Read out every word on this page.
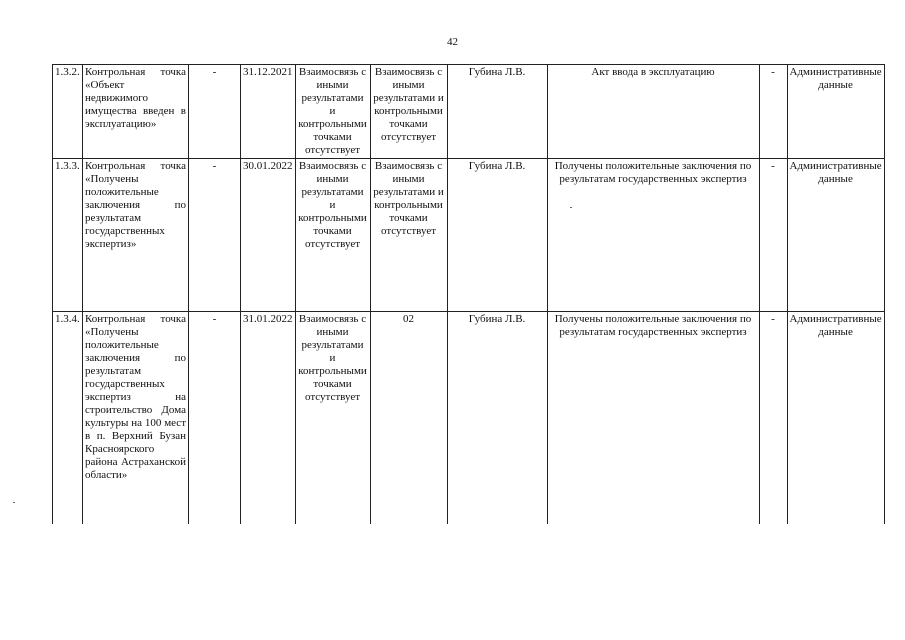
42
1.3.2.	Контрольная точка «Объект недвижимого имущества введен в эксплуатацию»	-	31.12.2021	Взаимосвязь с иными результатами и контрольными точками отсутствует	Взаимосвязь с иными результатами и контрольными точками отсутствует	Губина Л.В.	Акт ввода в эксплуатацию	-	Административные данные
1.3.3.	Контрольная точка «Получены положительные заключения по результатам государственных экспертиз»	-	30.01.2022	Взаимосвязь с иными результатами и контрольными точками отсутствует	Взаимосвязь с иными результатами и контрольными точками отсутствует	Губина Л.В.	Получены положительные заключения по результатам государственных экспертиз	-	Административные данные
1.3.4.	Контрольная точка «Получены положительные заключения по результатам государственных экспертиз на строительство Дома культуры на 100 мест в п. Верхний Бузан Красноярского района Астраханской области»	-	31.01.2022	Взаимосвязь с иными результатами и контрольными точками отсутствует	02	Губина Л.В.	Получены положительные заключения по результатам государственных экспертиз	-	Административные данные
